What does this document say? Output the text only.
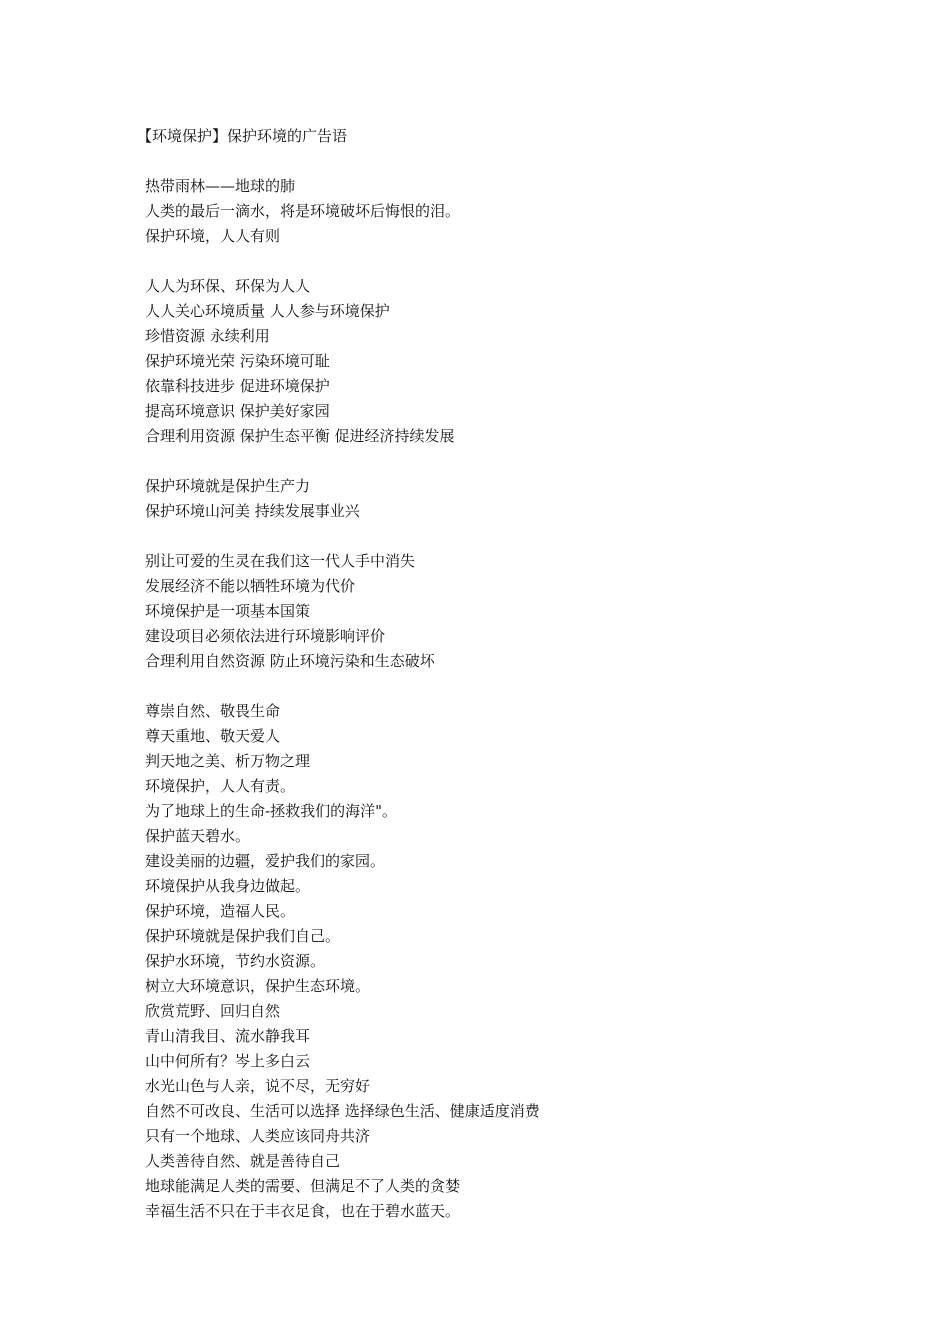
【环境保护】保护环境的广告语

热带雨林——地球的肺

人类的最后一滴水，将是环境破坏后悔恨的泪。

保护环境，人人有则

人人为环保、环保为人人

人人关心环境质量 人人参与环境保护

珍惜资源 永续利用

保护环境光荣 污染环境可耻

依靠科技进步 促进环境保护

提高环境意识 保护美好家园

合理利用资源 保护生态平衡 促进经济持续发展

保护环境就是保护生产力

保护环境山河美 持续发展事业兴

别让可爱的生灵在我们这一代人手中消失

发展经济不能以牺牲环境为代价

环境保护是一项基本国策

建设项目必须依法进行环境影响评价

合理利用自然资源 防止环境污染和生态破坏

尊崇自然、敬畏生命

尊天重地、敬天爱人

判天地之美、析万物之理

环境保护，人人有责。

为了地球上的生命-拯救我们的海洋"。

保护蓝天碧水。

建设美丽的边疆，爱护我们的家园。

环境保护从我身边做起。

保护环境，造福人民。

保护环境就是保护我们自己。

保护水环境，节约水资源。

树立大环境意识，保护生态环境。

欣赏荒野、回归自然

青山清我目、流水静我耳

山中何所有？岑上多白云

水光山色与人亲，说不尽，无穷好

自然不可改良、生活可以选择 选择绿色生活、健康适度消费

只有一个地球、人类应该同舟共济

人类善待自然、就是善待自己

地球能满足人类的需要、但满足不了人类的贪婪

幸福生活不只在于丰衣足食，也在于碧水蓝天。
